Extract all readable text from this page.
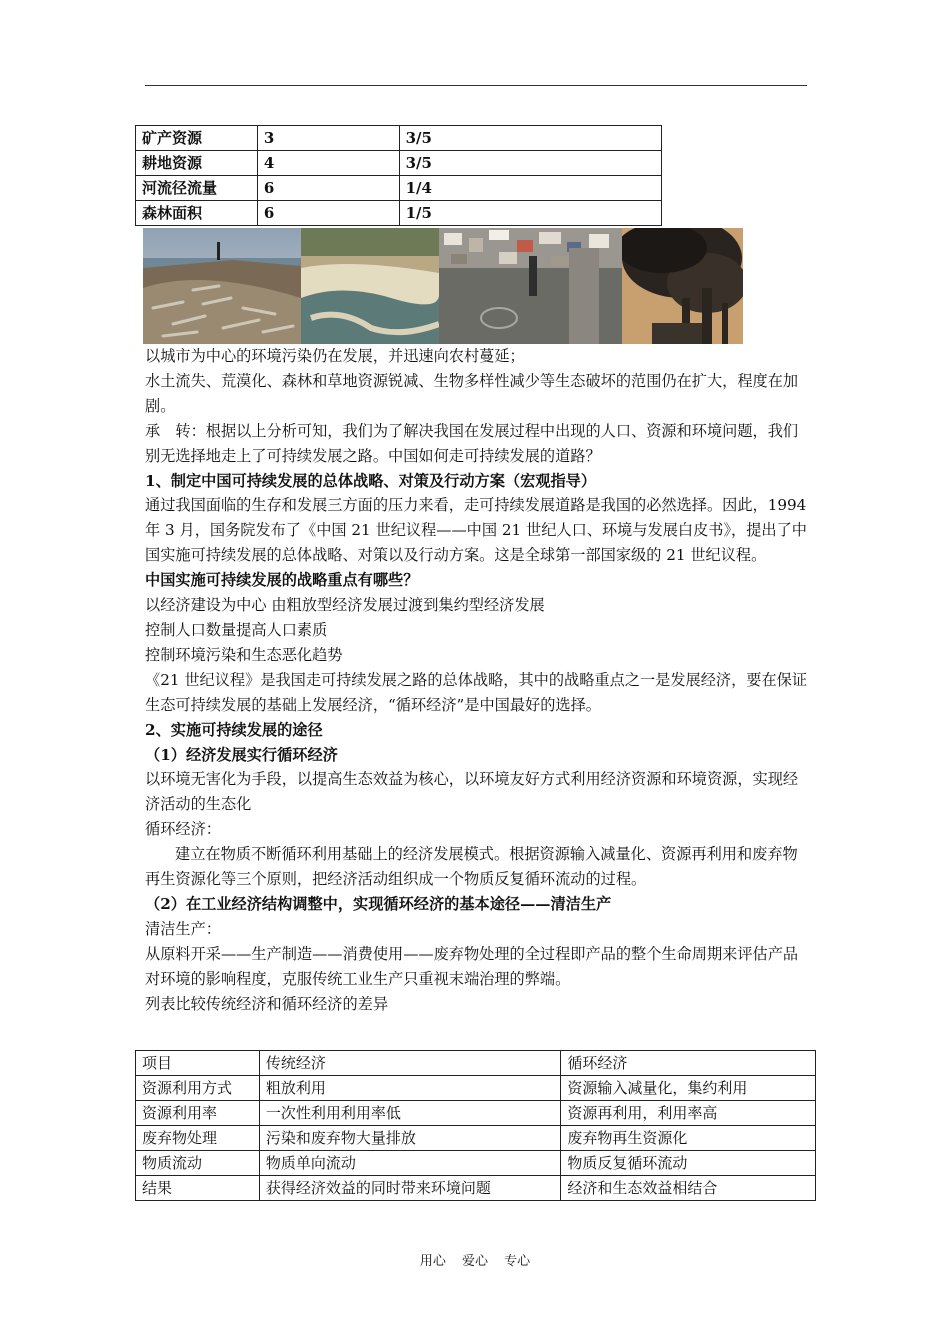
矿产资源	3	3/5
耕地资源	4	3/5
河流径流量	6	1/4
森林面积	6	1/5

以城市为中心的环境污染仍在发展，并迅速向农村蔓延；

水土流失、荒漠化、森林和草地资源锐减、生物多样性减少等生态破坏的范围仍在扩大，程度在加剧。

承　转：根据以上分析可知，我们为了解决我国在发展过程中出现的人口、资源和环境问题，我们别无选择地走上了可持续发展之路。中国如何走可持续发展的道路？

1、制定中国可持续发展的总体战略、对策及行动方案（宏观指导）

通过我国面临的生存和发展三方面的压力来看，走可持续发展道路是我国的必然选择。因此，1994 年 3 月，国务院发布了《中国 21 世纪议程——中国 21 世纪人口、环境与发展白皮书》，提出了中国实施可持续发展的总体战略、对策以及行动方案。这是全球第一部国家级的 21 世纪议程。

中国实施可持续发展的战略重点有哪些？

以经济建设为中心 由粗放型经济发展过渡到集约型经济发展

控制人口数量提高人口素质

控制环境污染和生态恶化趋势

《21 世纪议程》是我国走可持续发展之路的总体战略，其中的战略重点之一是发展经济，要在保证生态可持续发展的基础上发展经济，“循环经济”是中国最好的选择。

2、实施可持续发展的途径

（1）经济发展实行循环经济

以环境无害化为手段，以提高生态效益为核心，以环境友好方式利用经济资源和环境资源，实现经济活动的生态化

循环经济：

建立在物质不断循环利用基础上的经济发展模式。根据资源输入减量化、资源再利用和废弃物再生资源化等三个原则，把经济活动组织成一个物质反复循环流动的过程。

（2）在工业经济结构调整中，实现循环经济的基本途径——清洁生产

清洁生产：

从原料开采——生产制造——消费使用——废弃物处理的全过程即产品的整个生命周期来评估产品对环境的影响程度，克服传统工业生产只重视末端治理的弊端。

列表比较传统经济和循环经济的差异

项目	传统经济	循环经济
资源利用方式	粗放利用	资源输入减量化，集约利用
资源利用率	一次性利用利用率低	资源再利用，利用率高
废弃物处理	污染和废弃物大量排放	废弃物再生资源化
物质流动	物质单向流动	物质反复循环流动
结果	获得经济效益的同时带来环境问题	经济和生态效益相结合
用心 爱心 专心
